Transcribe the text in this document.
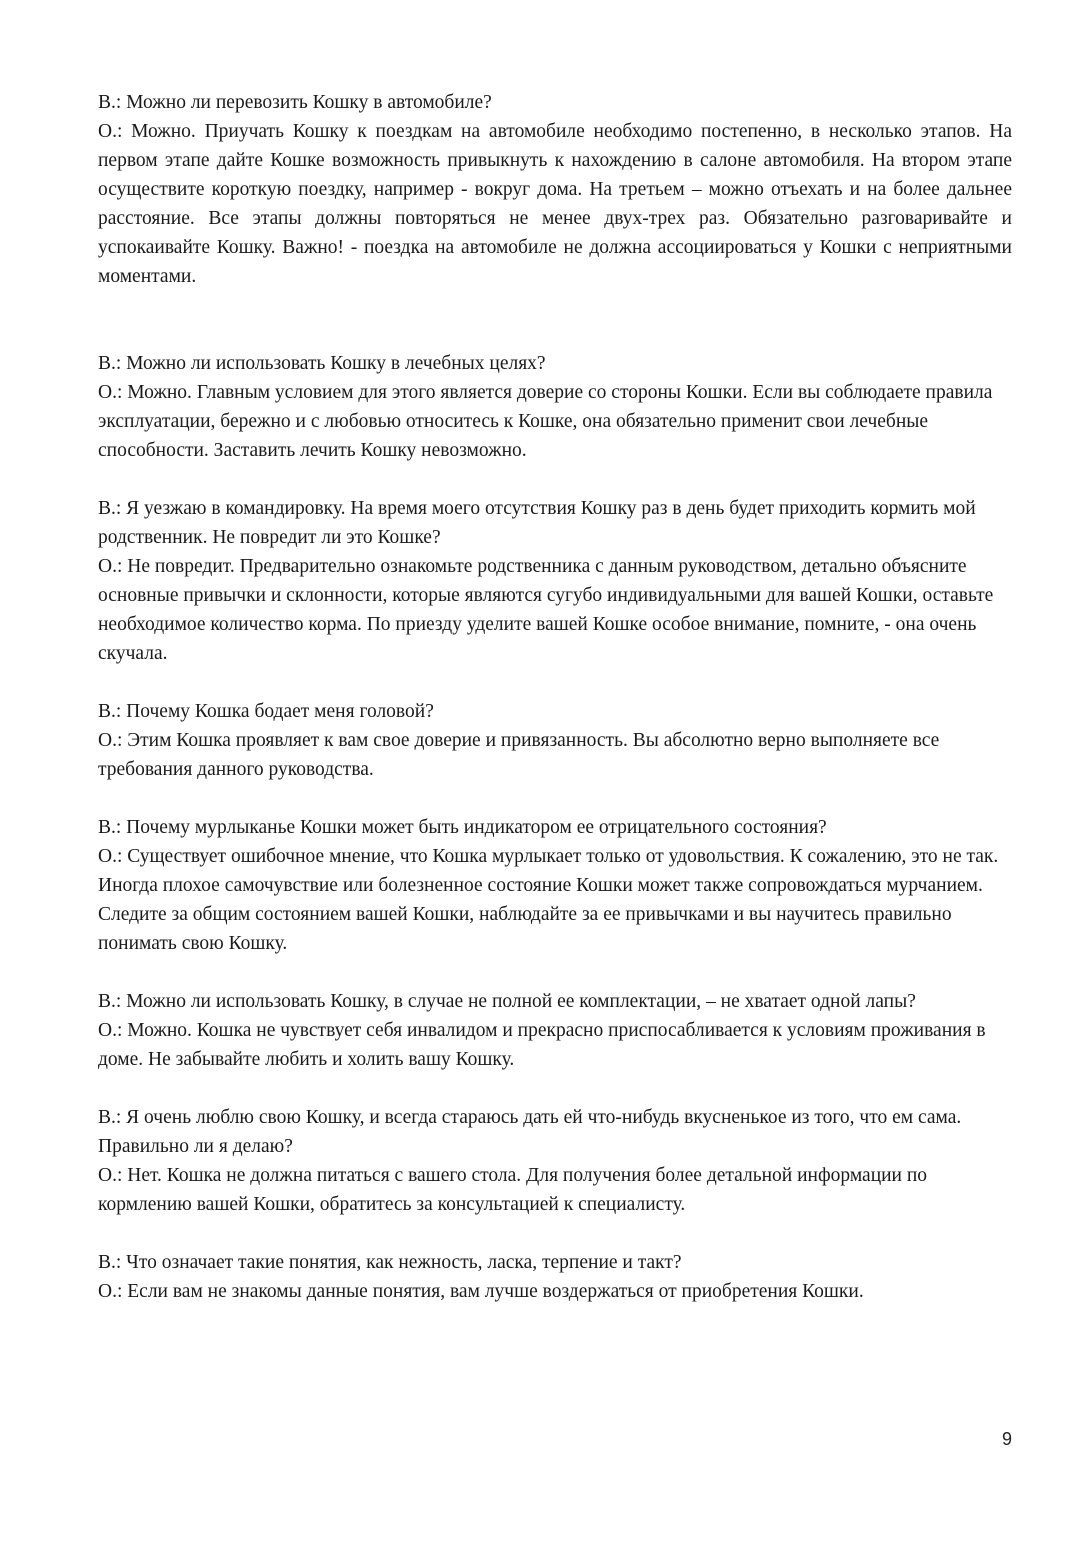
В.: Можно ли перевозить Кошку в автомобиле?

О.: Можно. Приучать Кошку к поездкам на автомобиле необходимо постепенно, в несколько этапов. На первом этапе дайте Кошке возможность привыкнуть к нахождению в салоне автомобиля. На втором этапе осуществите короткую поездку, например - вокруг дома. На третьем – можно отъехать и на более дальнее расстояние. Все этапы должны повторяться не менее двух-трех раз. Обязательно разговаривайте и успокаивайте Кошку. Важно! - поездка на автомобиле не должна ассоциироваться у Кошки с неприятными моментами.

В.: Можно ли использовать Кошку в лечебных целях?

О.: Можно. Главным условием для этого является доверие со стороны Кошки. Если вы соблюдаете правила эксплуатации, бережно и с любовью относитесь к Кошке, она обязательно применит свои лечебные способности. Заставить лечить Кошку невозможно.

В.: Я уезжаю в командировку. На время моего отсутствия Кошку раз в день будет приходить кормить мой родственник. Не повредит ли это Кошке?

О.: Не повредит. Предварительно ознакомьте родственника с данным руководством, детально объясните основные привычки и склонности, которые являются сугубо индивидуальными для вашей Кошки, оставьте необходимое количество корма. По приезду уделите вашей Кошке особое внимание, помните, - она очень скучала.

В.: Почему Кошка бодает меня головой?

О.: Этим Кошка проявляет к вам свое доверие и привязанность. Вы абсолютно верно выполняете все требования данного руководства.

В.: Почему мурлыканье Кошки может быть индикатором ее отрицательного состояния?

О.: Существует ошибочное мнение, что Кошка мурлыкает только от удовольствия. К сожалению, это не так. Иногда плохое самочувствие или болезненное состояние Кошки может также сопровождаться мурчанием. Следите за общим состоянием вашей Кошки, наблюдайте за ее привычками и вы научитесь правильно понимать свою Кошку.

В.: Можно ли использовать Кошку, в случае не полной ее комплектации, – не хватает одной лапы?

О.: Можно. Кошка не чувствует себя инвалидом и прекрасно приспосабливается к условиям проживания в доме. Не забывайте любить и холить вашу Кошку.

В.: Я очень люблю свою Кошку, и всегда стараюсь дать ей что-нибудь вкусненькое из того, что ем сама. Правильно ли я делаю?

О.: Нет. Кошка не должна питаться с вашего стола. Для получения более детальной информации по кормлению вашей Кошки, обратитесь за консультацией к специалисту.

В.: Что означает такие понятия, как нежность, ласка, терпение и такт?

О.: Если вам не знакомы данные понятия, вам лучше воздержаться от приобретения Кошки.

9
